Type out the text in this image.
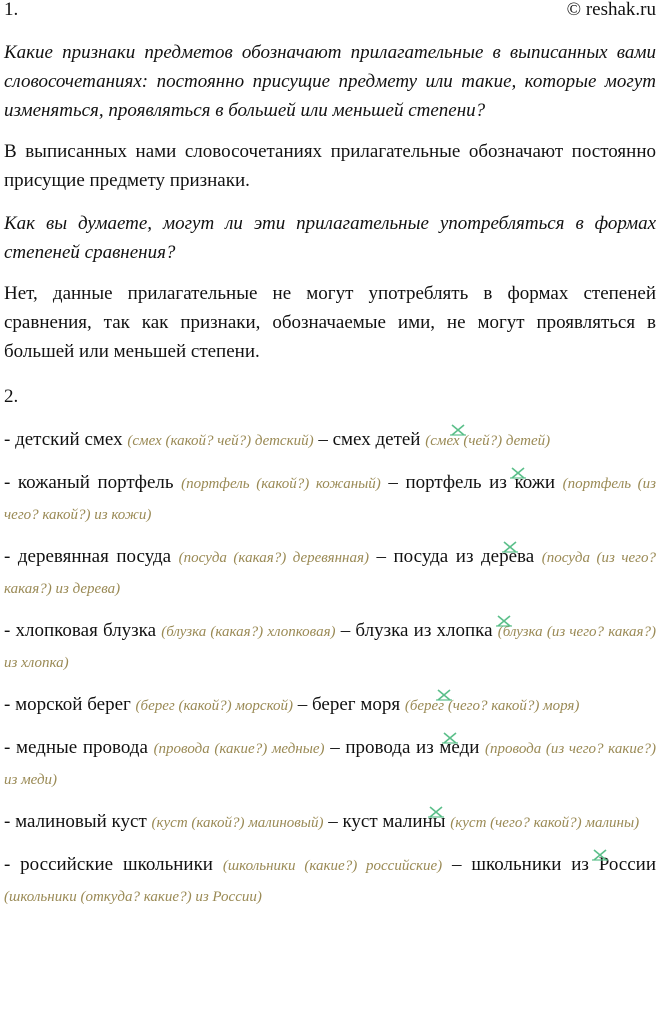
1.	© reshak.ru

Какие признаки предметов обозначают прилагательные в выписанных вами словосочетаниях: постоянно присущие предмету или такие, которые могут изменяться, проявляться в большей или меньшей степени?

В выписанных нами словосочетаниях прилагательные обозначают постоянно присущие предмету признаки.

Как вы думаете, могут ли эти прилагательные употребляться в формах степеней сравнения?

Нет, данные прилагательные не могут употреблять в формах степеней сравнения, так как признаки, обозначаемые ими, не могут проявляться в большей или меньшей степени.

2.

- детский смех (смех (какой? чей?) детский) – смех детей (смех (чей?) детей)
- кожаный портфель (портфель (какой?) кожаный) – портфель из кожи (портфель (из чего? какой?) из кожи)
- деревянная посуда (посуда (какая?) деревянная) – посуда из дерева (посуда (из чего? какая?) из дерева)
- хлопковая блузка (блузка (какая?) хлопковая) – блузка из хлопка (блузка (из чего? какая?) из хлопка)
- морской берег (берег (какой?) морской) – берег моря (берег (чего? какой?) моря)
- медные провода (провода (какие?) медные) – провода из меди (провода (из чего? какие?) из меди)
- малиновый куст (куст (какой?) малиновый) – куст малины (куст (чего? какой?) малины)
- российские школьники (школьники (какие?) российские) – школьники из России (школьники (откуда? какие?) из России)
